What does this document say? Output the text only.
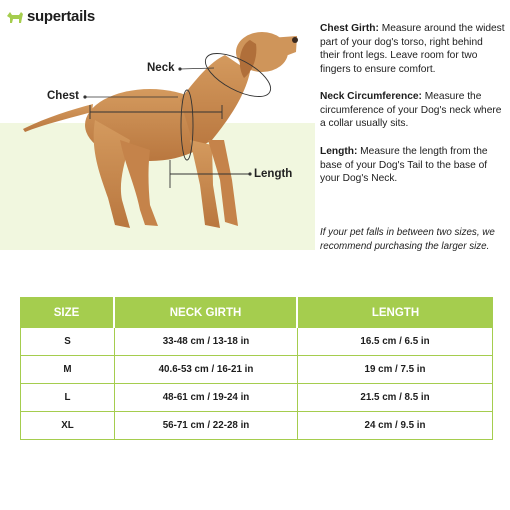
supertails
Neck
Chest
Length

Chest Girth: Measure around the widest part of your dog's torso, right behind their front legs. Leave room for two fingers to ensure comfort.

Neck Circumference: Measure the circumference of your Dog's neck where a collar usually sits.

Length: Measure the length from the base of your Dog's Tail to the base of your Dog's Neck.

If your pet falls in between two sizes, we recommend purchasing the larger size.

SIZE	NECK GIRTH	LENGTH
S	33-48 cm / 13-18 in	16.5 cm / 6.5 in
M	40.6-53 cm / 16-21 in	19 cm / 7.5 in
L	48-61 cm / 19-24 in	21.5 cm / 8.5 in
XL	56-71 cm / 22-28 in	24 cm / 9.5 in
